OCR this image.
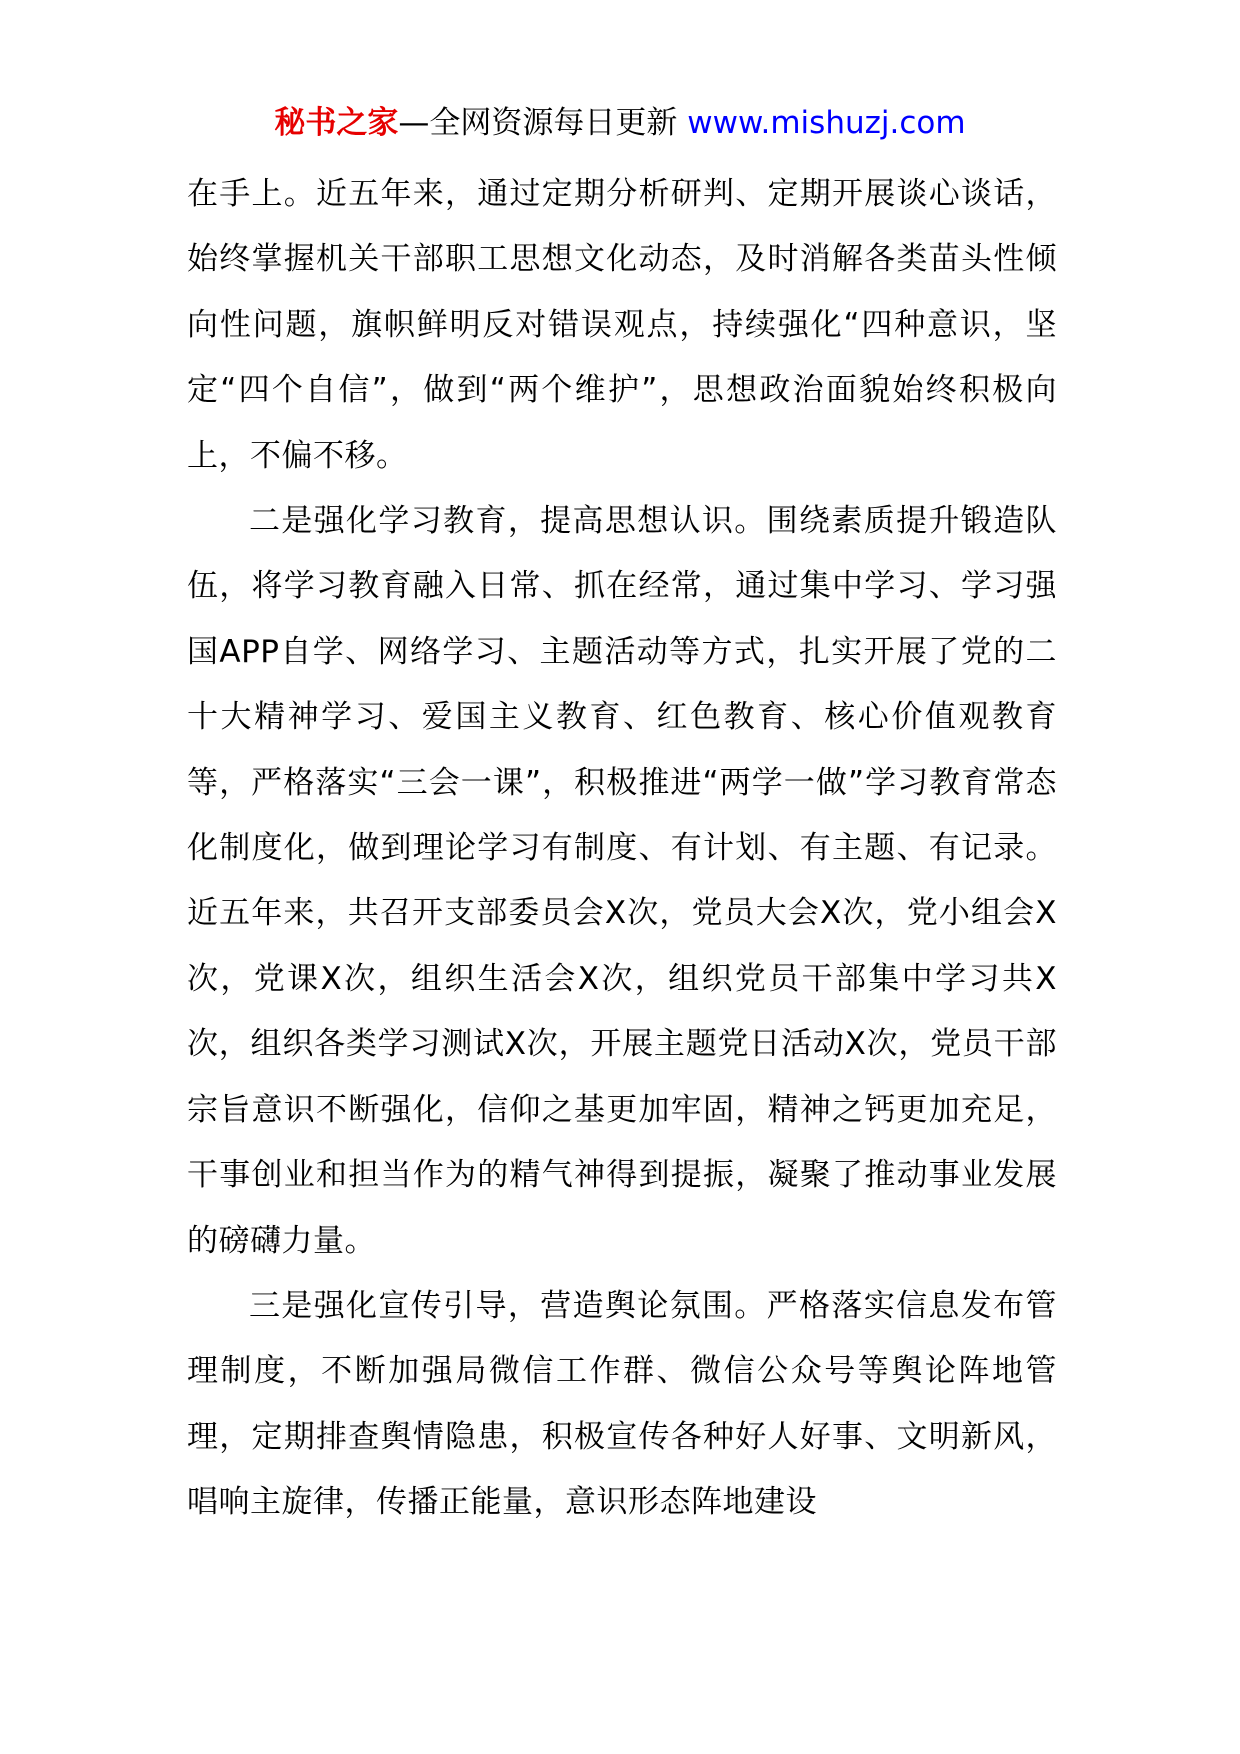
秘书之家—全网资源每日更新 www.mishuzj.com

在手上。近五年来，通过定期分析研判、定期开展谈心谈话，始终掌握机关干部职工思想文化动态，及时消解各类苗头性倾向性问题，旗帜鲜明反对错误观点，持续强化“四种意识，坚定“四个自信”，做到“两个维护”，思想政治面貌始终积极向上，不偏不移。

二是强化学习教育，提高思想认识。围绕素质提升锻造队伍，将学习教育融入日常、抓在经常，通过集中学习、学习强国APP自学、网络学习、主题活动等方式，扎实开展了党的二十大精神学习、爱国主义教育、红色教育、核心价值观教育等，严格落实“三会一课”，积极推进“两学一做”学习教育常态化制度化，做到理论学习有制度、有计划、有主题、有记录。近五年来，共召开支部委员会X次，党员大会X次，党小组会X次，党课X次，组织生活会X次，组织党员干部集中学习共X次，组织各类学习测试X次，开展主题党日活动X次，党员干部宗旨意识不断强化，信仰之基更加牢固，精神之钙更加充足，干事创业和担当作为的精气神得到提振，凝聚了推动事业发展的磅礴力量。

三是强化宣传引导，营造舆论氛围。严格落实信息发布管理制度，不断加强局微信工作群、微信公众号等舆论阵地管理，定期排查舆情隐患，积极宣传各种好人好事、文明新风，唱响主旋律，传播正能量，意识形态阵地建设
